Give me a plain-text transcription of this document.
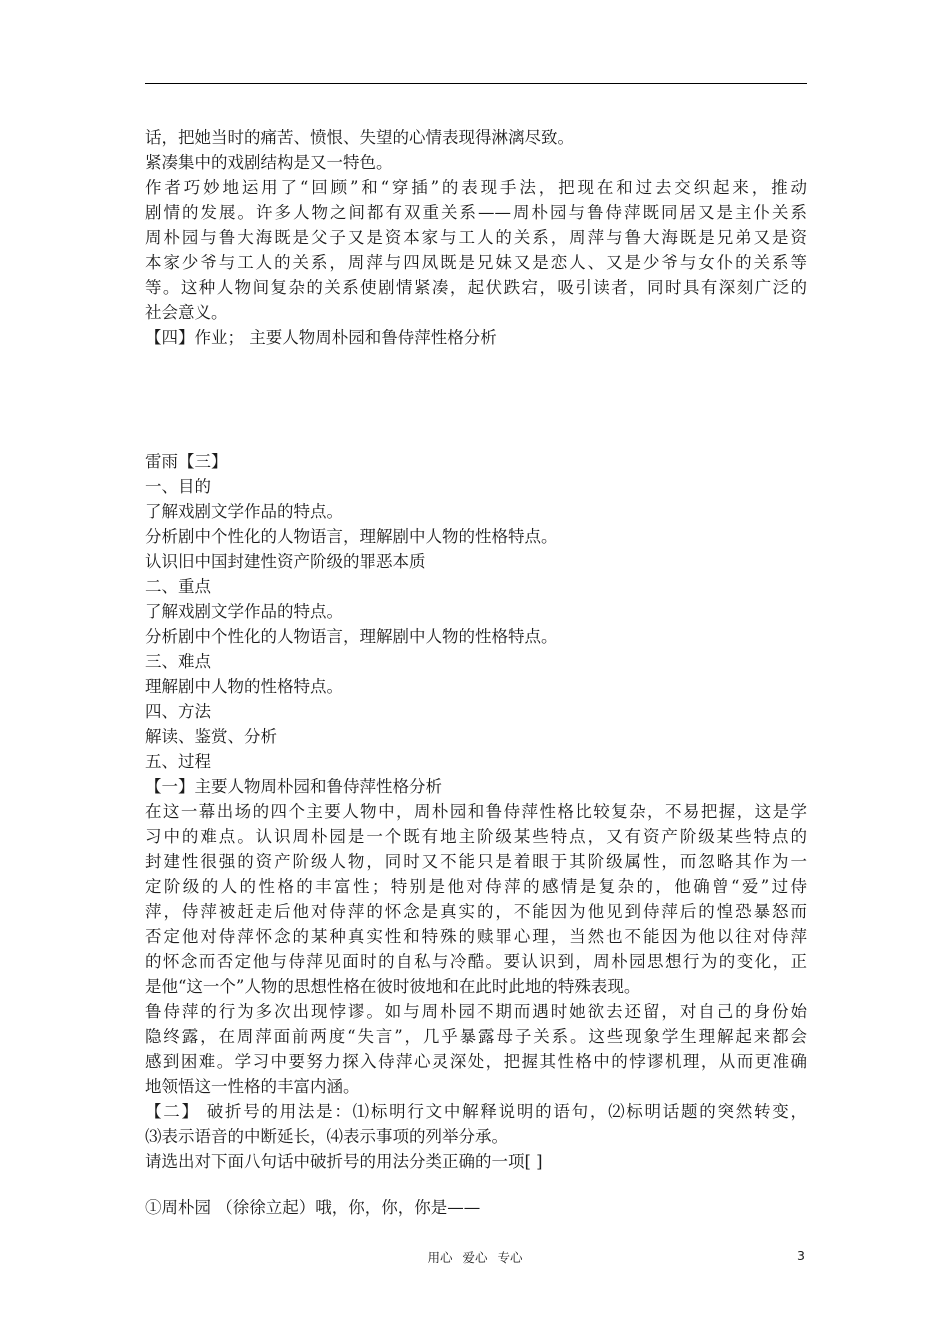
话，把她当时的痛苦、愤恨、失望的心情表现得淋漓尽致。

紧凑集中的戏剧结构是又一特色。

作者巧妙地运用了“回顾”和“穿插”的表现手法，把现在和过去交织起来，推动

剧情的发展。许多人物之间都有双重关系——周朴园与鲁侍萍既同居又是主仆关系

周朴园与鲁大海既是父子又是资本家与工人的关系，周萍与鲁大海既是兄弟又是资

本家少爷与工人的关系，周萍与四凤既是兄妹又是恋人、又是少爷与女仆的关系等

等。这种人物间复杂的关系使剧情紧凑，起伏跌宕，吸引读者，同时具有深刻广泛的

社会意义。

【四】作业； 主要人物周朴园和鲁侍萍性格分析

雷雨【三】

一、目的

了解戏剧文学作品的特点。

分析剧中个性化的人物语言，理解剧中人物的性格特点。

认识旧中国封建性资产阶级的罪恶本质

二、重点

了解戏剧文学作品的特点。

分析剧中个性化的人物语言，理解剧中人物的性格特点。

三、难点

理解剧中人物的性格特点。

四、方法

解读、鉴赏、分析

五、过程

【一】主要人物周朴园和鲁侍萍性格分析

在这一幕出场的四个主要人物中，周朴园和鲁侍萍性格比较复杂，不易把握，这是学

习中的难点。认识周朴园是一个既有地主阶级某些特点，又有资产阶级某些特点的

封建性很强的资产阶级人物，同时又不能只是着眼于其阶级属性，而忽略其作为一

定阶级的人的性格的丰富性；特别是他对侍萍的感情是复杂的，他确曾“爱”过侍

萍，侍萍被赶走后他对侍萍的怀念是真实的，不能因为他见到侍萍后的惶恐暴怒而

否定他对侍萍怀念的某种真实性和特殊的赎罪心理，当然也不能因为他以往对侍萍

的怀念而否定他与侍萍见面时的自私与冷酷。要认识到，周朴园思想行为的变化，正

是他“这一个”人物的思想性格在彼时彼地和在此时此地的特殊表现。

鲁侍萍的行为多次出现悖谬。如与周朴园不期而遇时她欲去还留，对自己的身份始

隐终露，在周萍面前两度“失言”，几乎暴露母子关系。这些现象学生理解起来都会

感到困难。学习中要努力探入侍萍心灵深处，把握其性格中的悖谬机理，从而更准确

地领悟这一性格的丰富内涵。

【二】 破折号的用法是：⑴标明行文中解释说明的语句，⑵标明话题的突然转变，

⑶表示语音的中断延长，⑷表示事项的列举分承。

请选出对下面八句话中破折号的用法分类正确的一项[ ]

①周朴园 （徐徐立起）哦，你，你，你是——

用心 爱心 专心	3
